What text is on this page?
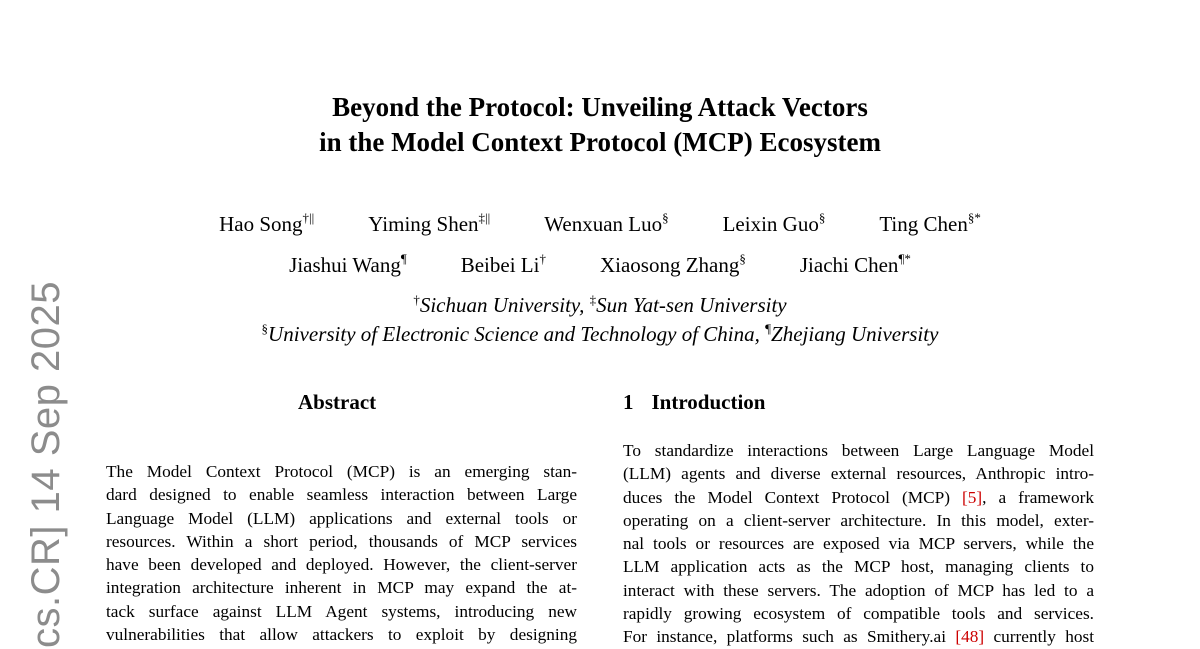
Beyond the Protocol: Unveiling Attack Vectors
in the Model Context Protocol (MCP) Ecosystem
Hao Song†||	Yiming Shen‡||	Wenxuan Luo§	Leixin Guo§	Ting Chen§*
Jiashui Wang¶	Beibei Li†	Xiaosong Zhang§	Jiachi Chen¶*
†Sichuan University, ‡Sun Yat-sen University
§University of Electronic Science and Technology of China, ¶Zhejiang University
cs.CR] 14 Sep 2025	Abstract
The Model Context Protocol (MCP) is an emerging stan-
dard designed to enable seamless interaction between Large
Language Model (LLM) applications and external tools or
resources. Within a short period, thousands of MCP services
have been developed and deployed. However, the client-server
integration architecture inherent in MCP may expand the at-
tack surface against LLM Agent systems, introducing new
vulnerabilities that allow attackers to exploit by designing
1 Introduction
To standardize interactions between Large Language Model
(LLM) agents and diverse external resources, Anthropic intro-
duces the Model Context Protocol (MCP) [5], a framework
operating on a client-server architecture. In this model, exter-
nal tools or resources are exposed via MCP servers, while the
LLM application acts as the MCP host, managing clients to
interact with these servers. The adoption of MCP has led to a
rapidly growing ecosystem of compatible tools and services.
For instance, platforms such as Smithery.ai [48] currently host
